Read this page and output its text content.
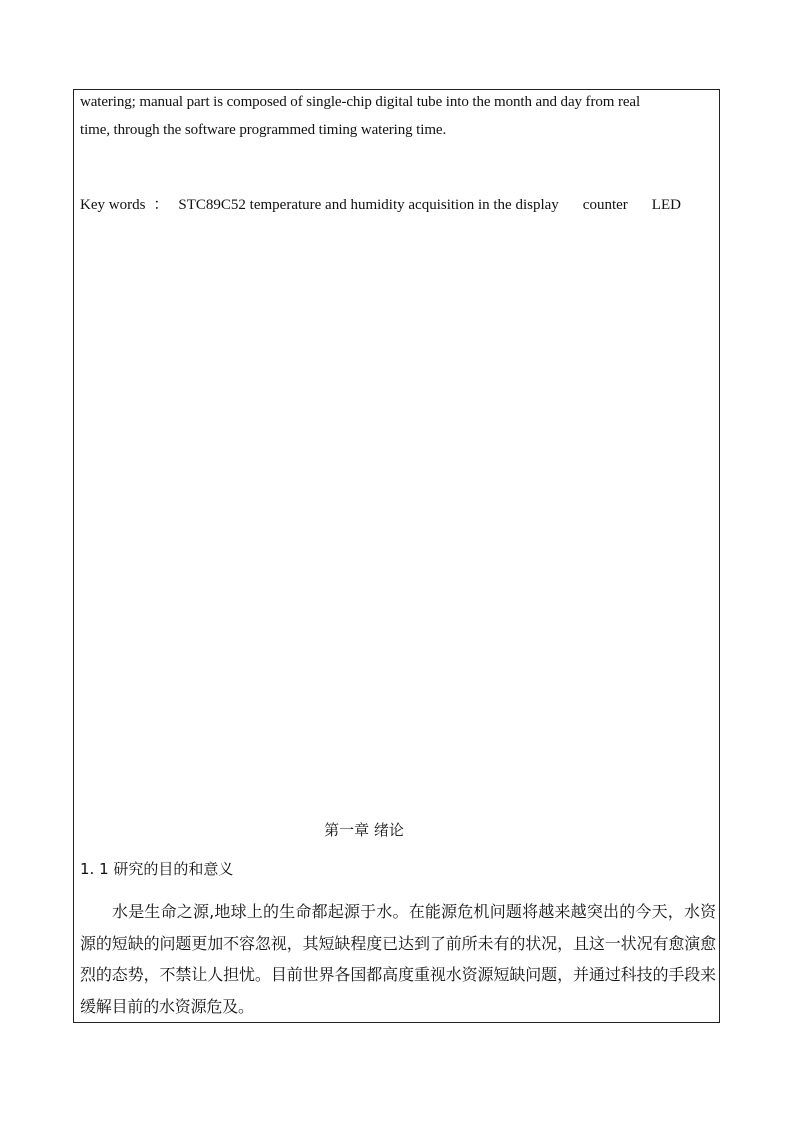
watering; manual part is composed of single-chip digital tube into the month and day from real
time, through the software programmed timing watering time.
Key words ： STC89C52 temperature and humidity acquisition in the display counter LED
第一章 绪论
1. 1 研究的目的和意义
水是生命之源,地球上的生命都起源于水。在能源危机问题将越来越突出的今天，水资源的短缺的问题更加不容忽视，其短缺程度已达到了前所未有的状况，且这一状况有愈演愈烈的态势，不禁让人担忧。目前世界各国都高度重视水资源短缺问题，并通过科技的手段来缓解目前的水资源危及。
